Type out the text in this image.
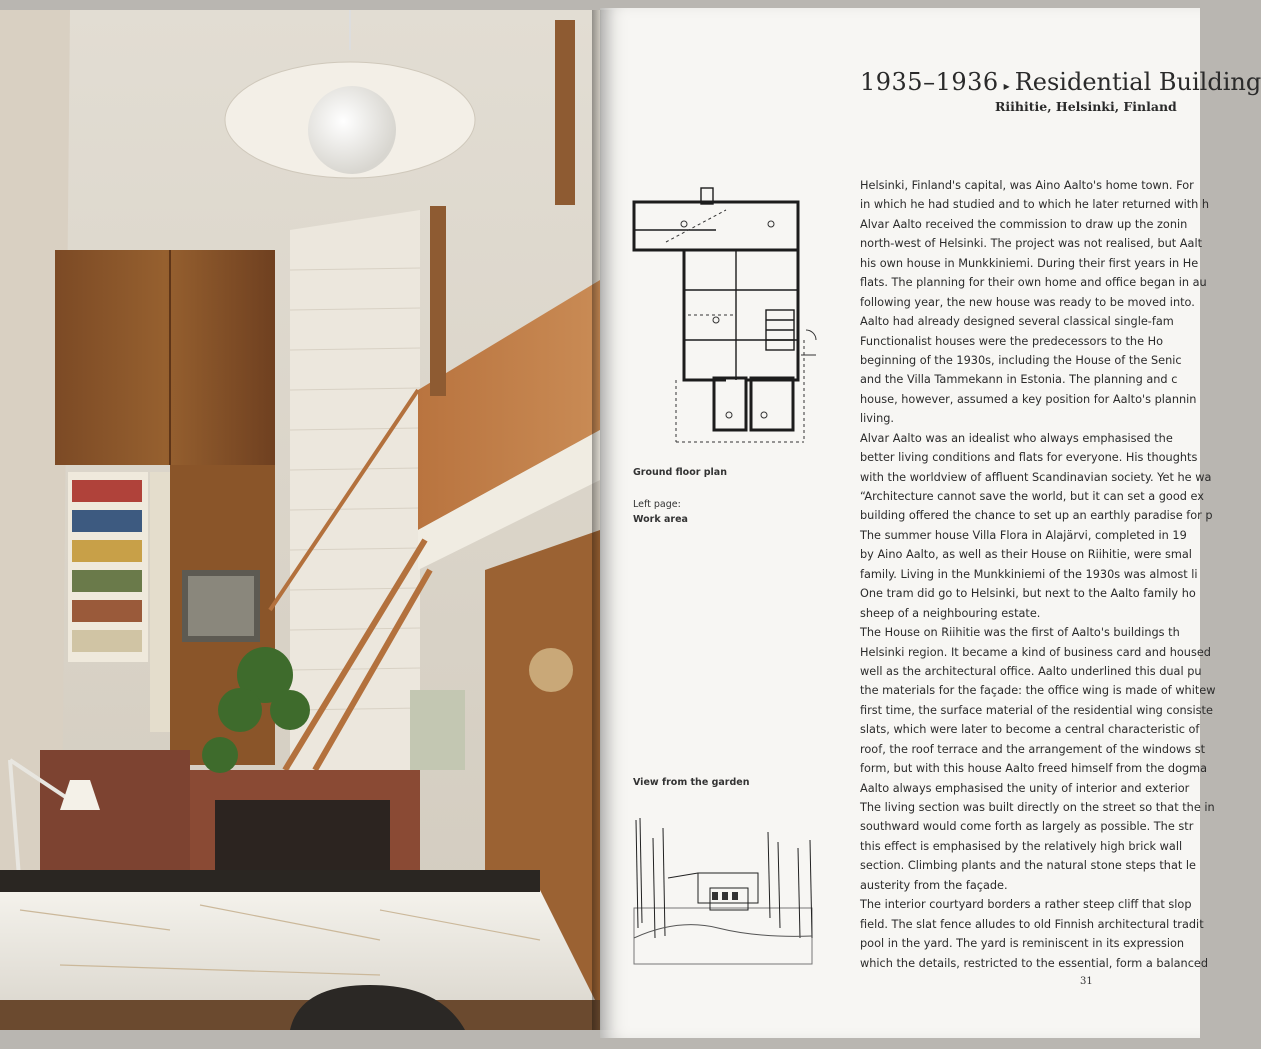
1935–1936 ▸ Residential Building
Riihitie, Helsinki, Finland
Ground floor plan
Left page:
Work area
View from the garden
Helsinki, Finland's capital, was Aino Aalto's home town. For
in which he had studied and to which he later returned with h
Alvar Aalto received the commission to draw up the zonin
north-west of Helsinki. The project was not realised, but Aalt
his own house in Munkkiniemi. During their first years in He
flats. The planning for their own home and office began in au
following year, the new house was ready to be moved into.
Aalto had already designed several classical single-fam
Functionalist houses were the predecessors to the Ho
beginning of the 1930s, including the House of the Senic
and the Villa Tammekann in Estonia. The planning and c
house, however, assumed a key position for Aalto's plannin
living.
Alvar Aalto was an idealist who always emphasised the
better living conditions and flats for everyone. His thoughts
with the worldview of affluent Scandinavian society. Yet he wa
“Architecture cannot save the world, but it can set a good ex
building offered the chance to set up an earthly paradise for p
The summer house Villa Flora in Alajärvi, completed in 19
by Aino Aalto, as well as their House on Riihitie, were smal
family. Living in the Munkkiniemi of the 1930s was almost li
One tram did go to Helsinki, but next to the Aalto family ho
sheep of a neighbouring estate.
The House on Riihitie was the first of Aalto's buildings th
Helsinki region. It became a kind of business card and housed
well as the architectural office. Aalto underlined this dual pu
the materials for the façade: the office wing is made of whitew
first time, the surface material of the residential wing consiste
slats, which were later to become a central characteristic of
roof, the roof terrace and the arrangement of the windows st
form, but with this house Aalto freed himself from the dogma
Aalto always emphasised the unity of interior and exterior
The living section was built directly on the street so that the in
southward would come forth as largely as possible. The str
this effect is emphasised by the relatively high brick wall
section. Climbing plants and the natural stone steps that le
austerity from the façade.
The interior courtyard borders a rather steep cliff that slop
field. The slat fence alludes to old Finnish architectural tradit
pool in the yard. The yard is reminiscent in its expression
which the details, restricted to the essential, form a balanced
31
